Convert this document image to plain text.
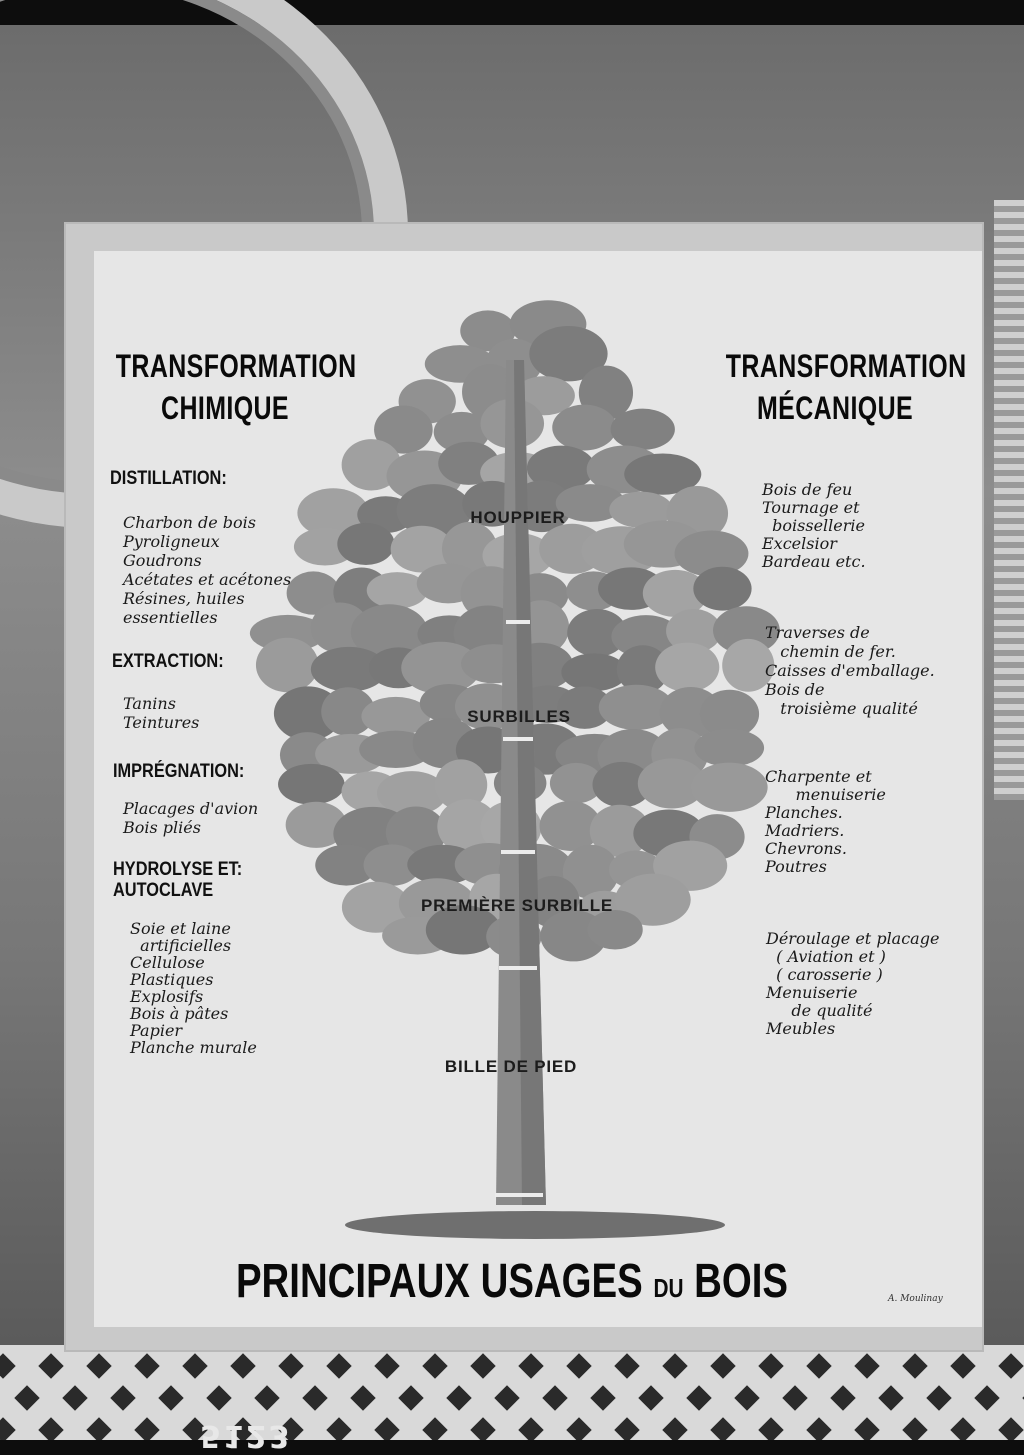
TRANSFORMATION
CHIMIQUE
DISTILLATION:
Charbon de bois
Pyroligneux
Goudrons
Acétates et acétones
Résines, huiles
essentielles
EXTRACTION:
Tanins
Teintures
IMPRÉGNATION:
Placages d'avion
Bois pliés
HYDROLYSE ET:
AUTOCLAVE
Soie et laine
artificielles
Cellulose
Plastiques
Explosifs
Bois à pâtes
Papier
Planche murale
TRANSFORMATION
MÉCANIQUE
Bois de feu
Tournage et
boissellerie
Excelsior
Bardeau etc.
Traverses de
chemin de fer.
Caisses d'emballage.
Bois de
troisième qualité
Charpente et
menuiserie
Planches.
Madriers.
Chevrons.
Poutres
Déroulage et placage
( Aviation et )
( carosserie )
Menuiserie
de qualité
Meubles
HOUPPIER
SURBILLES
PREMIÈRE SURBILLE
BILLE DE PIED
PRINCIPAUX USAGES DU BOIS	A. Moulinay
5123
